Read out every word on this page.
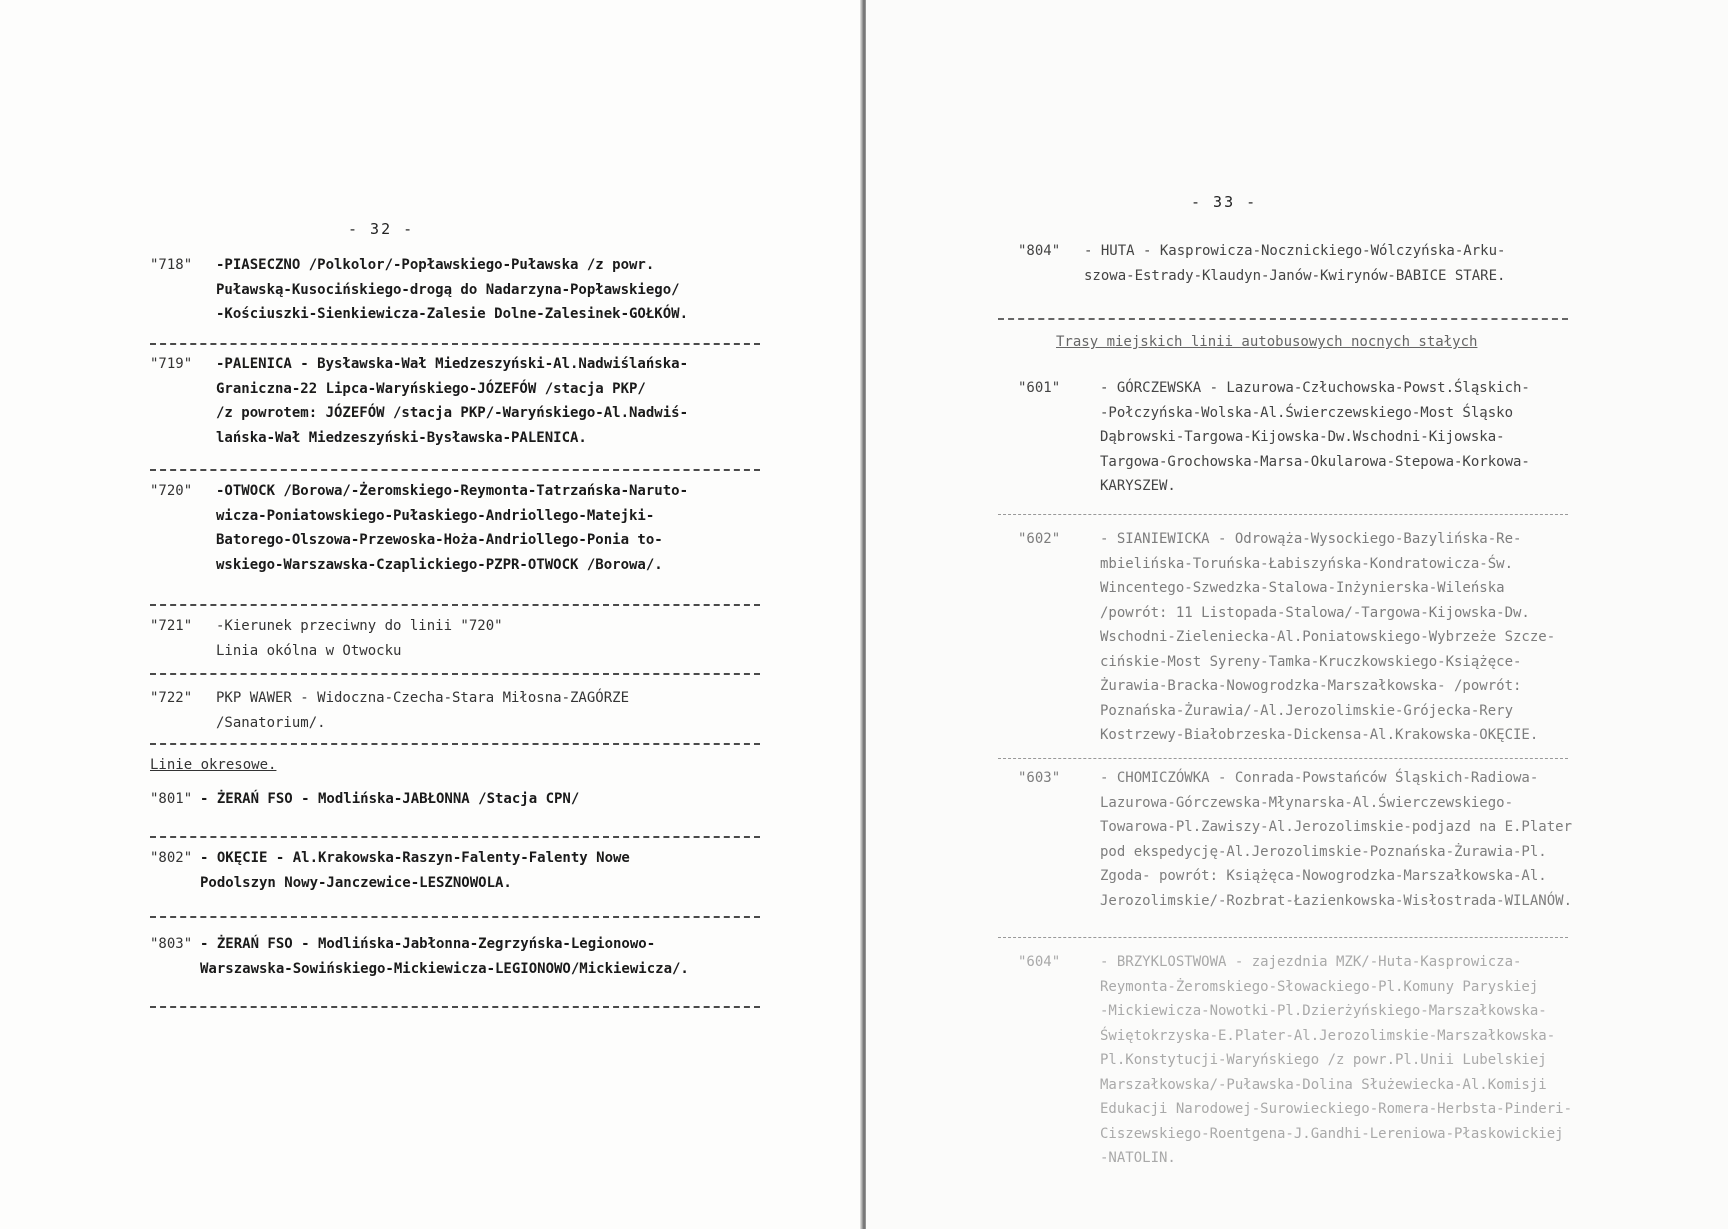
- 32 -
"718" -PIASECZNO /Polkolor/-Popławskiego-Puławska /z powr.
Puławską-Kusocińskiego-drogą do Nadarzyna-Popławskiego/
-Kościuszki-Sienkiewicza-Zalesie Dolne-Zalesinek-GOŁKÓW.
"719" -PALENICA - Bysławska-Wał Miedzeszyński-Al.Nadwiślańska-
Graniczna-22 Lipca-Waryńskiego-JÓZEFÓW /stacja PKP/
/z powrotem: JÓZEFÓW /stacja PKP/-Waryńskiego-Al.Nadwiś-
lańska-Wał Miedzeszyński-Bysławska-PALENICA.
"720" -OTWOCK /Borowa/-Żeromskiego-Reymonta-Tatrzańska-Naruto-
wicza-Poniatowskiego-Pułaskiego-Andriollego-Matejki-
Batorego-Olszowa-Przewoska-Hoża-Andriollego-Ponia to-
wskiego-Warszawska-Czaplickiego-PZPR-OTWOCK /Borowa/.
"721" -Kierunek przeciwny do linii "720"
Linia okólna w Otwocku
"722" PKP WAWER - Widoczna-Czecha-Stara Miłosna-ZAGÓRZE
/Sanatorium/.
Linie okresowe.
"801" - ŻERAŃ FSO - Modlińska-JABŁONNA /Stacja CPN/
"802" - OKĘCIE - Al.Krakowska-Raszyn-Falenty-Falenty Nowe
Podolszyn Nowy-Janczewice-LESZNOWOLA.
"803" - ŻERAŃ FSO - Modlińska-Jabłonna-Zegrzyńska-Legionowo-
Warszawska-Sowińskiego-Mickiewicza-LEGIONOWO/Mickiewicza/.
- 33 -
"804" - HUTA - Kasprowicza-Nocznickiego-Wólczyńska-Arku-
szowa-Estrady-Klaudyn-Janów-Kwirynów-BABICE STARE.
Trasy miejskich linii autobusowych nocnych stałych
"601"	- GÓRCZEWSKA - Lazurowa-Człuchowska-Powst.Śląskich-
-Połczyńska-Wolska-Al.Świerczewskiego-Most Śląsko
Dąbrowski-Targowa-Kijowska-Dw.Wschodni-Kijowska-
Targowa-Grochowska-Marsa-Okularowa-Stepowa-Korkowa-
KARYSZEW.
"602"	- SIANIEWICKA - Odrowąża-Wysockiego-Bazylińska-Re-
mbielińska-Toruńska-Łabiszyńska-Kondratowicza-Św.
Wincentego-Szwedzka-Stalowa-Inżynierska-Wileńska
/powrót: 11 Listopada-Stalowa/-Targowa-Kijowska-Dw.
Wschodni-Zieleniecka-Al.Poniatowskiego-Wybrzeże Szcze-
cińskie-Most Syreny-Tamka-Kruczkowskiego-Książęce-
Żurawia-Bracka-Nowogrodzka-Marszałkowska- /powrót:
Poznańska-Żurawia/-Al.Jerozolimskie-Grójecka-Rery
Kostrzewy-Białobrzeska-Dickensa-Al.Krakowska-OKĘCIE.
"603"	- CHOMICZÓWKA - Conrada-Powstańców Śląskich-Radiowa-
Lazurowa-Górczewska-Młynarska-Al.Świerczewskiego-
Towarowa-Pl.Zawiszy-Al.Jerozolimskie-podjazd na E.Plater
pod ekspedycję-Al.Jerozolimskie-Poznańska-Żurawia-Pl.
Zgoda- powrót: Książęca-Nowogrodzka-Marszałkowska-Al.
Jerozolimskie/-Rozbrat-Łazienkowska-Wisłostrada-WILANÓW.
"604"	- BRZYKLOSTWOWA - zajezdnia MZK/-Huta-Kasprowicza-
Reymonta-Żeromskiego-Słowackiego-Pl.Komuny Paryskiej
-Mickiewicza-Nowotki-Pl.Dzierżyńskiego-Marszałkowska-
Świętokrzyska-E.Plater-Al.Jerozolimskie-Marszałkowska-
Pl.Konstytucji-Waryńskiego /z powr.Pl.Unii Lubelskiej
Marszałkowska/-Puławska-Dolina Służewiecka-Al.Komisji
Edukacji Narodowej-Surowieckiego-Romera-Herbsta-Pinderi-
Ciszewskiego-Roentgena-J.Gandhi-Lereniowa-Płaskowickiej
-NATOLIN.
